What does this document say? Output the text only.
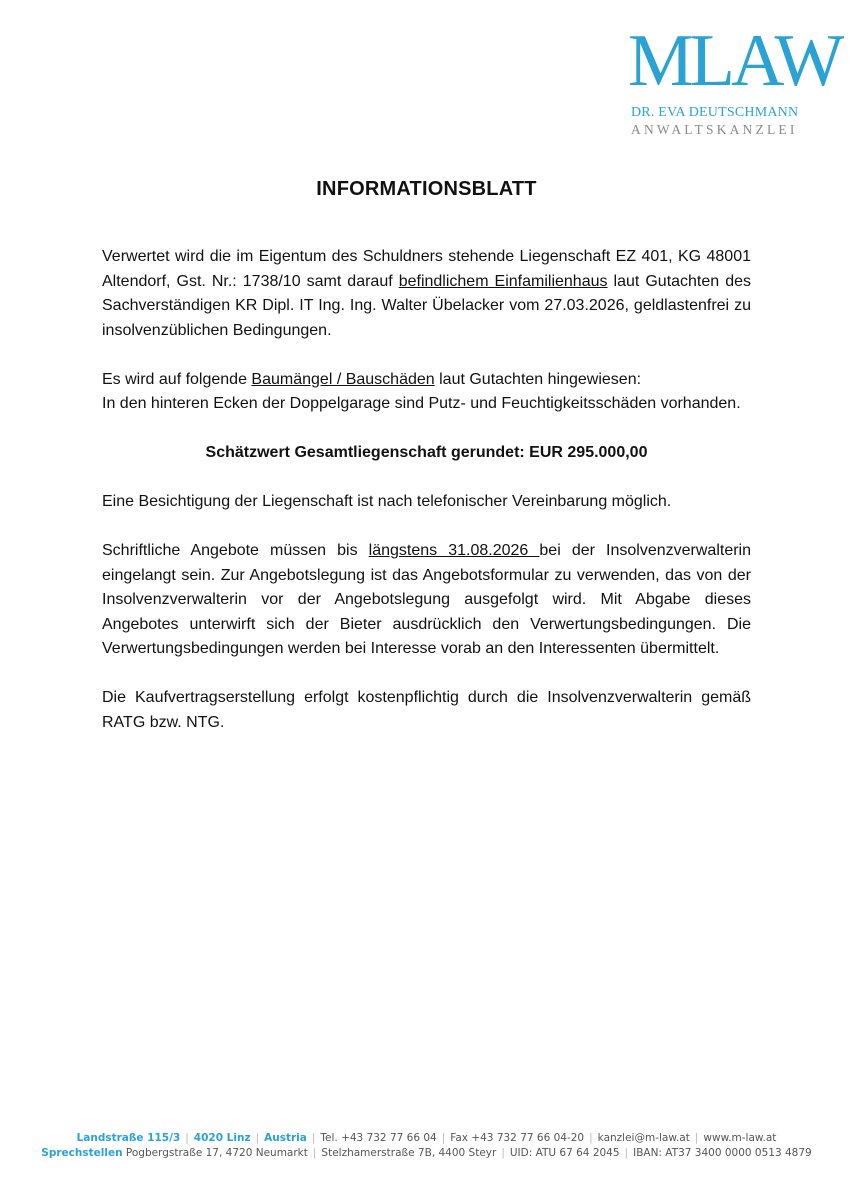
MLAW
DR. EVA DEUTSCHMANN
ANWALTSKANZLEI
INFORMATIONSBLATT

Verwertet wird die im Eigentum des Schuldners stehende Liegenschaft EZ 401, KG 48001 Altendorf, Gst. Nr.: 1738/10 samt darauf befindlichem Einfamilienhaus laut Gutachten des Sachverständigen KR Dipl. IT Ing. Ing. Walter Übelacker vom 27.03.2026, geldlastenfrei zu insolvenzüblichen Bedingungen.

Es wird auf folgende Baumängel / Bauschäden laut Gutachten hingewiesen:

In den hinteren Ecken der Doppelgarage sind Putz- und Feuchtigkeitsschäden vorhanden.

Schätzwert Gesamtliegenschaft gerundet: EUR 295.000,00

Eine Besichtigung der Liegenschaft ist nach telefonischer Vereinbarung möglich.

Schriftliche Angebote müssen bis längstens 31.08.2026 bei der Insolvenzverwalterin eingelangt sein. Zur Angebotslegung ist das Angebotsformular zu verwenden, das von der Insolvenzverwalterin vor der Angebotslegung ausgefolgt wird. Mit Abgabe dieses Angebotes unterwirft sich der Bieter ausdrücklich den Verwertungsbedingungen. Die Verwertungsbedingungen werden bei Interesse vorab an den Interessenten übermittelt.

Die Kaufvertragserstellung erfolgt kostenpflichtig durch die Insolvenzverwalterin gemäß RATG bzw. NTG.

Landstraße 115/3 | 4020 Linz | Austria | Tel. +43 732 77 66 04 | Fax +43 732 77 66 04-20 | kanzlei@m-law.at | www.m-law.at
Sprechstellen Pogbergstraße 17, 4720 Neumarkt | Stelzhamerstraße 7B, 4400 Steyr | UID: ATU 67 64 2045 | IBAN: AT37 3400 0000 0513 4879
